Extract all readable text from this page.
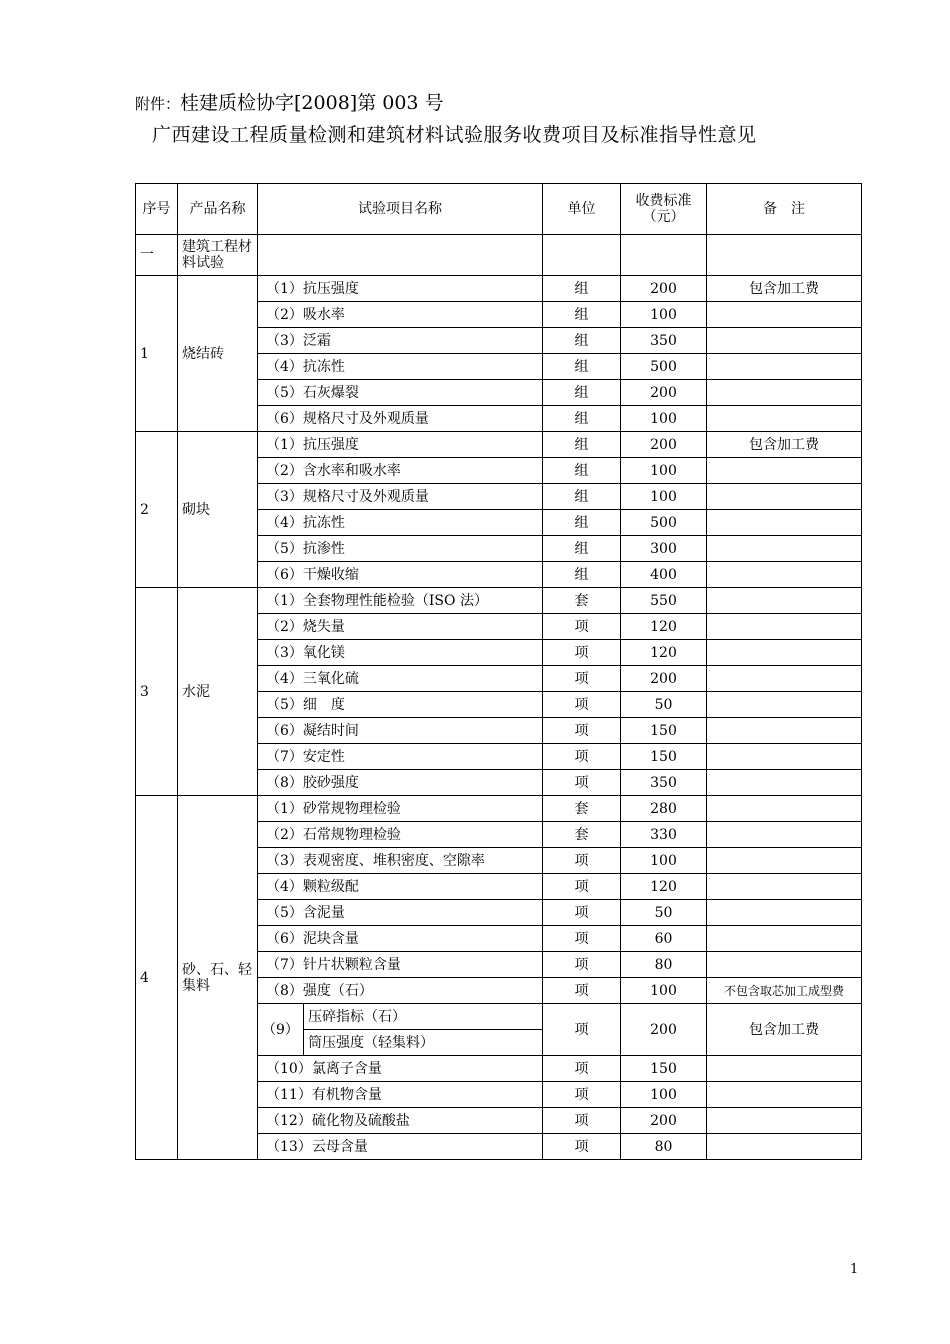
附件：桂建质检协字[2008]第 003 号
广西建设工程质量检测和建筑材料试验服务收费项目及标准指导性意见
序号	产品名称	试验项目名称		单位	收费标准（元）	备　注
一	建筑工程材料试验					
1	烧结砖	（1）抗压强度		组	200	包含加工费
		（2）吸水率		组	100	
		（3）泛霜		组	350	
		（4）抗冻性		组	500	
		（5）石灰爆裂		组	200	
		（6）规格尺寸及外观质量		组	100	
2	砌块	（1）抗压强度		组	200	包含加工费
		（2）含水率和吸水率		组	100	
		（3）规格尺寸及外观质量		组	100	
		（4）抗冻性		组	500	
		（5）抗渗性		组	300	
		（6）干燥收缩		组	400	
3	水泥	（1）全套物理性能检验（ISO 法）		套	550	
		（2）烧失量		项	120	
		（3）氧化镁		项	120	
		（4）三氧化硫		项	200	
		（5）细　度		项	50	
		（6）凝结时间		项	150	
		（7）安定性		项	150	
		（8）胶砂强度		项	350	
4	砂、石、轻集料	（1）砂常规物理检验		套	280	
		（2）石常规物理检验		套	330	
		（3）表观密度、堆积密度、空隙率		项	100	
		（4）颗粒级配		项	120	
		（5）含泥量		项	50	
		（6）泥块含量		项	60	
		（7）针片状颗粒含量		项	80	
		（8）强度（石）		项	100	不包含取芯加工成型费
		（9）	压碎指标（石）	项	200	包含加工费
			筒压强度（轻集料）			
		（10）氯离子含量		项	150	
		（11）有机物含量		项	100	
		（12）硫化物及硫酸盐		项	200	
		（13）云母含量		项	80	
1
